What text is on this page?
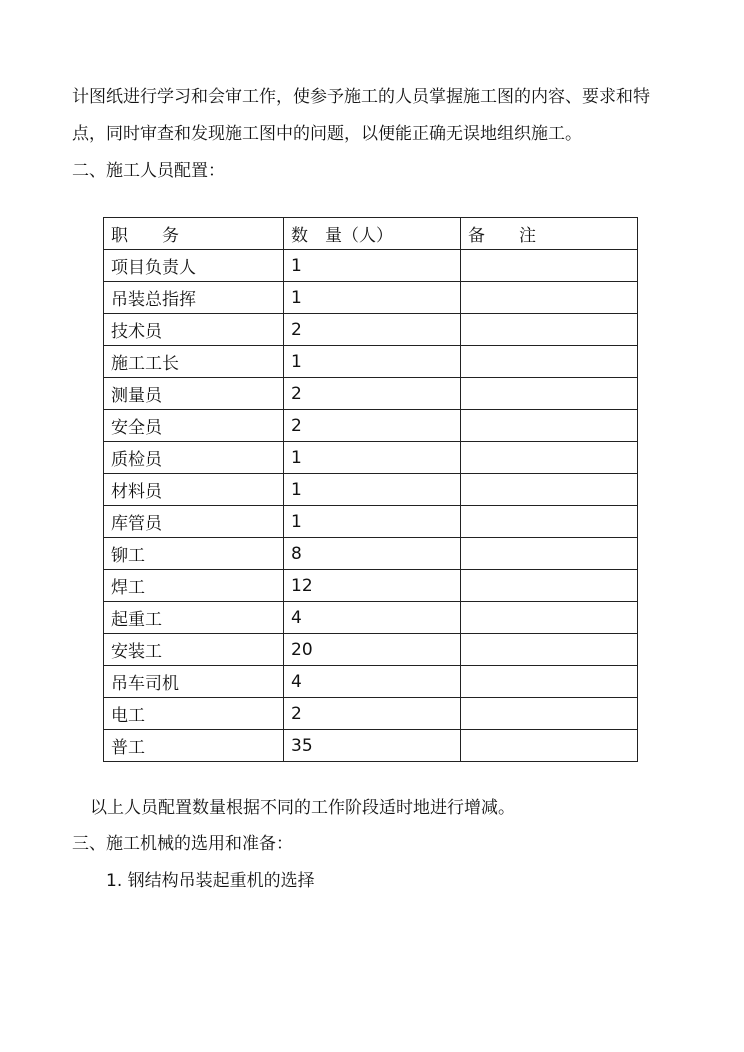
计图纸进行学习和会审工作，使参予施工的人员掌握施工图的内容、要求和特
点，同时审查和发现施工图中的问题，以便能正确无误地组织施工。
二、施工人员配置：
职　　务	数　量（人）	备　　注
项目负责人	1	
吊装总指挥	1	
技术员	2	
施工工长	1	
测量员	2	
安全员	2	
质检员	1	
材料员	1	
库管员	1	
铆工	8	
焊工	12	
起重工	4	
安装工	20	
吊车司机	4	
电工	2	
普工	35	
以上人员配置数量根据不同的工作阶段适时地进行增减。
三、施工机械的选用和准备：
1. 钢结构吊装起重机的选择
